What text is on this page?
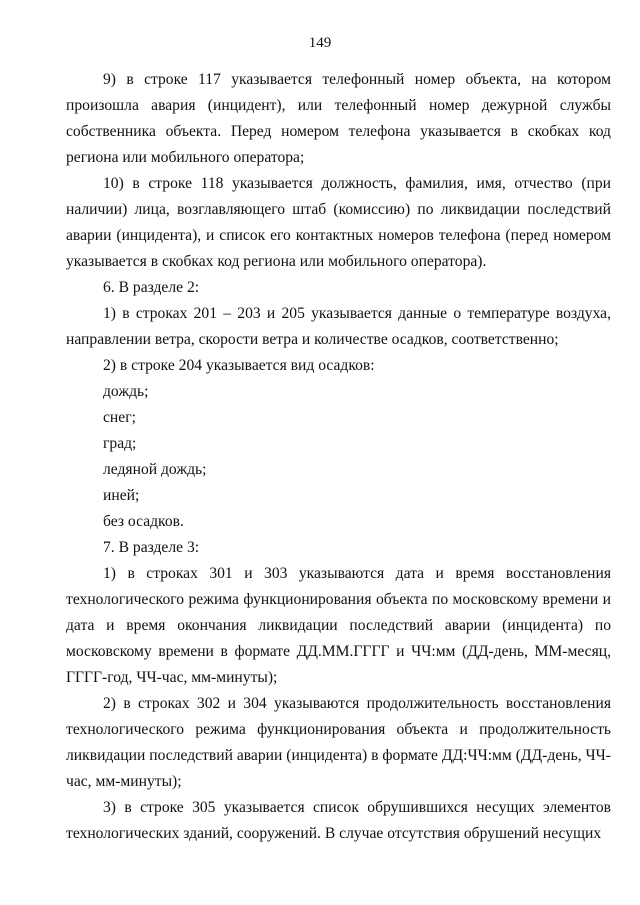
149

9) в строке 117 указывается телефонный номер объекта, на котором произошла авария (инцидент), или телефонный номер дежурной службы собственника объекта. Перед номером телефона указывается в скобках код региона или мобильного оператора;

10) в строке 118 указывается должность, фамилия, имя, отчество (при наличии) лица, возглавляющего штаб (комиссию) по ликвидации последствий аварии (инцидента), и список его контактных номеров телефона (перед номером указывается в скобках код региона или мобильного оператора).

6. В разделе 2:

1) в строках 201 – 203 и 205 указывается данные о температуре воздуха, направлении ветра, скорости ветра и количестве осадков, соответственно;

2) в строке 204 указывается вид осадков:

дождь;

снег;

град;

ледяной дождь;

иней;

без осадков.

7. В разделе 3:

1) в строках 301 и 303 указываются дата и время восстановления технологического режима функционирования объекта по московскому времени и дата и время окончания ликвидации последствий аварии (инцидента) по московскому времени в формате ДД.ММ.ГГГГ и ЧЧ:мм (ДД-день, ММ-месяц, ГГГГ-год, ЧЧ-час, мм-минуты);

2) в строках 302 и 304 указываются продолжительность восстановления технологического режима функционирования объекта и продолжительность ликвидации последствий аварии (инцидента) в формате ДД:ЧЧ:мм (ДД-день, ЧЧ-час, мм-минуты);

3) в строке 305 указывается список обрушившихся несущих элементов технологических зданий, сооружений. В случае отсутствия обрушений несущих
